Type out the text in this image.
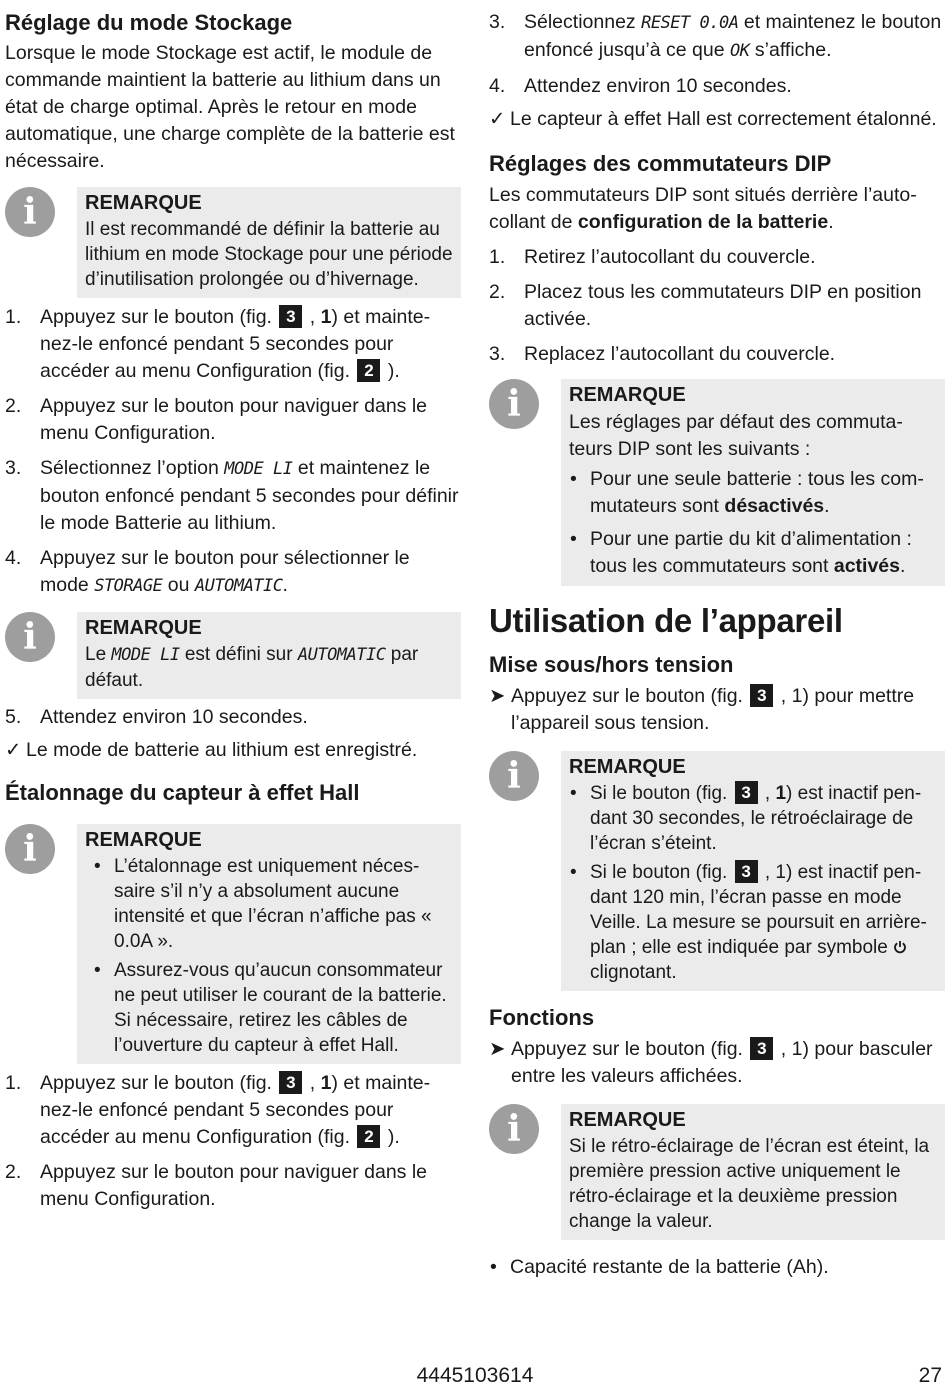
Réglage du mode Stockage

Lorsque le mode Stockage est actif, le module de commande maintient la batterie au lithium dans un état de charge optimal. Après le retour en mode automatique, une charge complète de la batterie est nécessaire.

i	REMARQUE
Il est recommandé de définir la batterie au lithium en mode Stockage pour une période d’inutilisation prolongée ou d’hivernage.
1. Appuyez sur le bouton (fig. 3 , 1) et maintenez-le enfoncé pendant 5 secondes pour accéder au menu Configuration (fig. 2 ).
2. Appuyez sur le bouton pour naviguer dans le menu Configuration.
3. Sélectionnez l’option MODE LI et maintenez le bouton enfoncé pendant 5 secondes pour définir le mode Batterie au lithium.
4. Appuyez sur le bouton pour sélectionner le mode STORAGE ou AUTOMATIC.
i	REMARQUE
Le MODE LI est défini sur AUTOMATIC par défaut.
5. Attendez environ 10 secondes.
✓ Le mode de batterie au lithium est enregistré.
Étalonnage du capteur à effet Hall
i	REMARQUE
• L’étalonnage est uniquement nécessaire s’il n’y a absolument aucune intensité et que l’écran n’affiche pas « 0.0A ».
• Assurez-vous qu’aucun consommateur ne peut utiliser le courant de la batterie. Si nécessaire, retirez les câbles de l’ouverture du capteur à effet Hall.
1. Appuyez sur le bouton (fig. 3 , 1) et maintenez-le enfoncé pendant 5 secondes pour accéder au menu Configuration (fig. 2 ).
2. Appuyez sur le bouton pour naviguer dans le menu Configuration.
3. Sélectionnez RESET 0.0A et maintenez le bouton enfoncé jusqu’à ce que OK s’affiche.
4. Attendez environ 10 secondes.
✓ Le capteur à effet Hall est correctement étalonné.
Réglages des commutateurs DIP

Les commutateurs DIP sont situés derrière l’autocollant de configuration de la batterie.

1. Retirez l’autocollant du couvercle.
2. Placez tous les commutateurs DIP en position activée.
3. Replacez l’autocollant du couvercle.
i	REMARQUE
Les réglages par défaut des commutateurs DIP sont les suivants :
• Pour une seule batterie : tous les commutateurs sont désactivés.
• Pour une partie du kit d’alimentation : tous les commutateurs sont activés.
Utilisation de l’appareil
Mise sous/hors tension
➤ Appuyez sur le bouton (fig. 3 , 1) pour mettre l’appareil sous tension.
i	REMARQUE
• Si le bouton (fig. 3 , 1) est inactif pendant 30 secondes, le rétroéclairage de l’écran s’éteint.
• Si le bouton (fig. 3 , 1) est inactif pendant 120 min, l’écran passe en mode Veille. La mesure se poursuit en arrière-plan ; elle est indiquée par symbole  clignotant.
Fonctions
➤ Appuyez sur le bouton (fig. 3 , 1) pour basculer entre les valeurs affichées.
i	REMARQUE
Si le rétro-éclairage de l’écran est éteint, la première pression active uniquement le rétro-éclairage et la deuxième pression change la valeur.
• Capacité restante de la batterie (Ah).
4445103614	27
